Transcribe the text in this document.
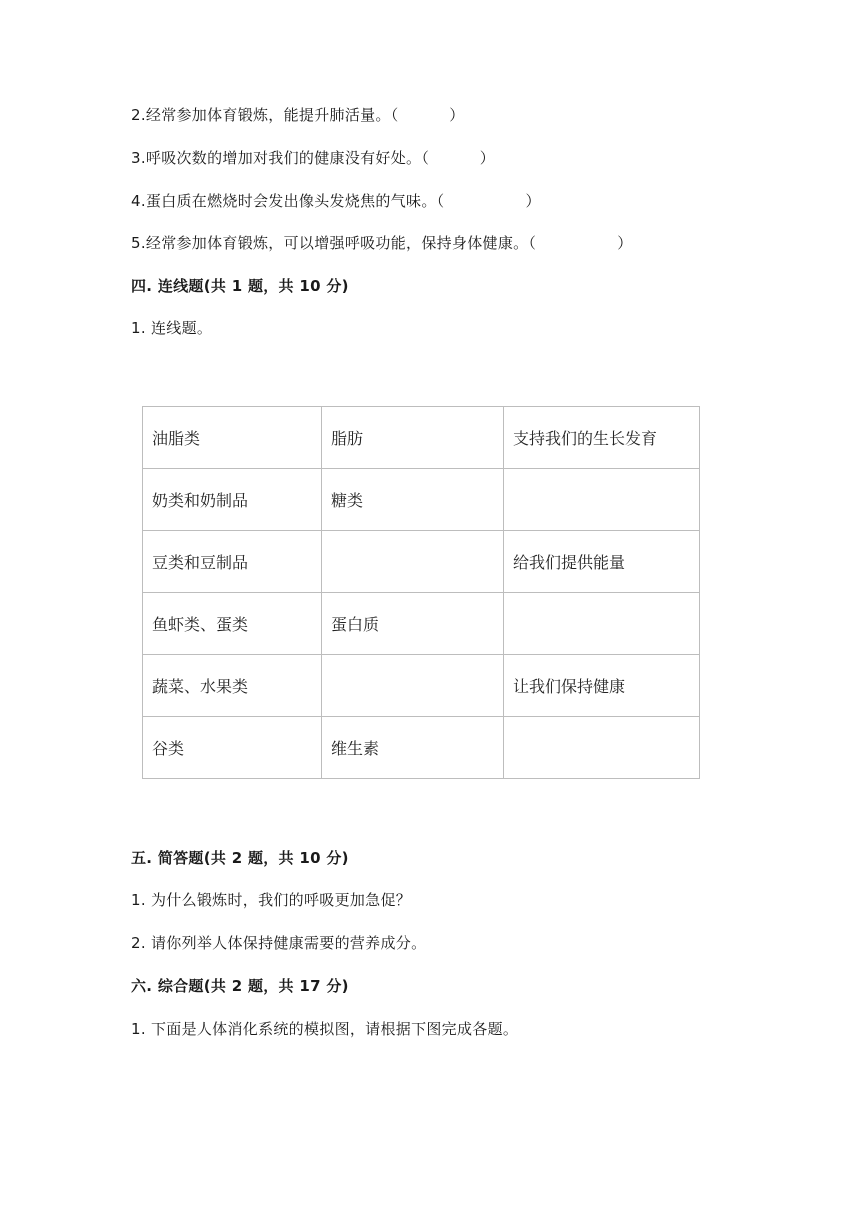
2.经常参加体育锻炼，能提升肺活量。（          ）
3.呼吸次数的增加对我们的健康没有好处。（          ）
4.蛋白质在燃烧时会发出像头发烧焦的气味。（                ）
5.经常参加体育锻炼，可以增强呼吸功能，保持身体健康。（                ）
四. 连线题(共 1 题，共 10 分)
1. 连线题。
油脂类	脂肪	支持我们的生长发育
奶类和奶制品	糖类	
豆类和豆制品		给我们提供能量
鱼虾类、蛋类	蛋白质	
蔬菜、水果类		让我们保持健康
谷类	维生素	
五. 简答题(共 2 题，共 10 分)
1. 为什么锻炼时，我们的呼吸更加急促？
2. 请你列举人体保持健康需要的营养成分。
六. 综合题(共 2 题，共 17 分)
1. 下面是人体消化系统的模拟图，请根据下图完成各题。
